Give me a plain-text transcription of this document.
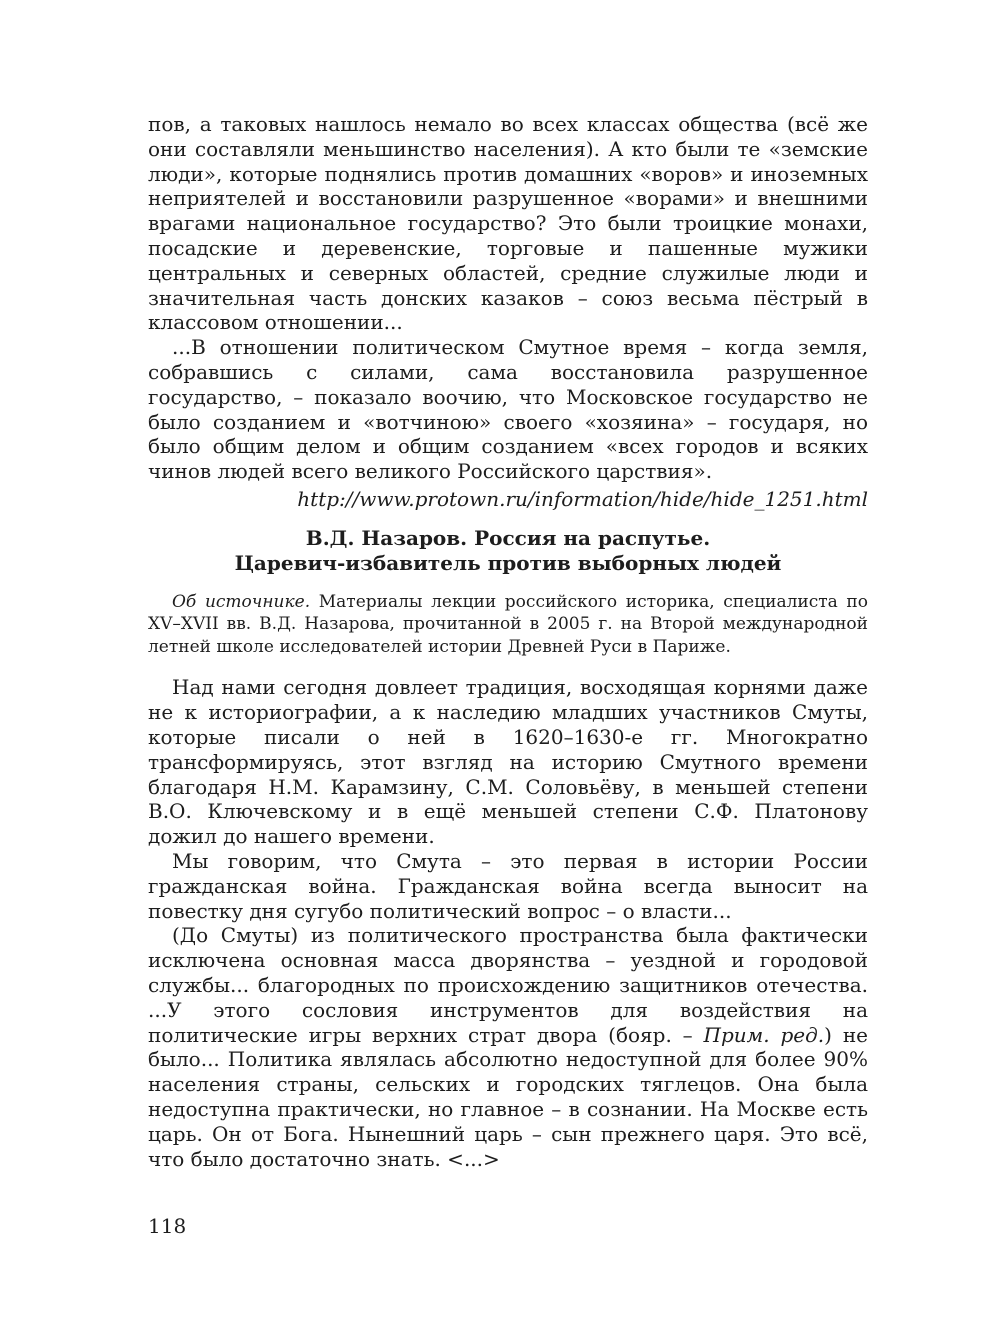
пов, а таковых нашлось немало во всех классах общества (всё же они составляли меньшинство населения). А кто были те «земские люди», которые поднялись против домашних «воров» и иноземных неприятелей и восстановили разрушенное «ворами» и внешними врагами национальное государство? Это были троицкие монахи, посадские и деревенские, торговые и пашенные мужики центральных и северных областей, средние служилые люди и значительная часть донских казаков – союз весьма пёстрый в классовом отношении...

...В отношении политическом Смутное время – когда земля, собравшись с силами, сама восстановила разрушенное государство, – показало воочию, что Московское государство не было созданием и «вотчиною» своего «хозяина» – государя, но было общим делом и общим созданием «всех городов и всяких чинов людей всего великого Российского царствия».

http://www.protown.ru/information/hide/hide_1251.html

В.Д. Назаров. Россия на распутье.
Царевич-избавитель против выборных людей

Об источнике. Материалы лекции российского историка, специалиста по XV–XVII вв. В.Д. Назарова, прочитанной в 2005 г. на Второй международной летней школе исследователей истории Древней Руси в Париже.

Над нами сегодня довлеет традиция, восходящая корнями даже не к историографии, а к наследию младших участников Смуты, которые писали о ней в 1620–1630-е гг. Многократно трансформируясь, этот взгляд на историю Смутного времени благодаря Н.М. Карамзину, С.М. Соловьёву, в меньшей степени В.О. Ключевскому и в ещё меньшей степени С.Ф. Платонову дожил до нашего времени.

Мы говорим, что Смута – это первая в истории России гражданская война. Гражданская война всегда выносит на повестку дня сугубо политический вопрос – о власти...

(До Смуты) из политического пространства была фактически исключена основная масса дворянства – уездной и городовой службы... благородных по происхождению защитников отечества. ...У этого сословия инструментов для воздействия на политические игры верхних страт двора (бояр. – Прим. ред.) не было... Политика являлась абсолютно недоступной для более 90% населения страны, сельских и городских тяглецов. Она была недоступна практически, но главное – в сознании. На Москве есть царь. Он от Бога. Нынешний царь – сын прежнего царя. Это всё, что было достаточно знать. <...>

118
